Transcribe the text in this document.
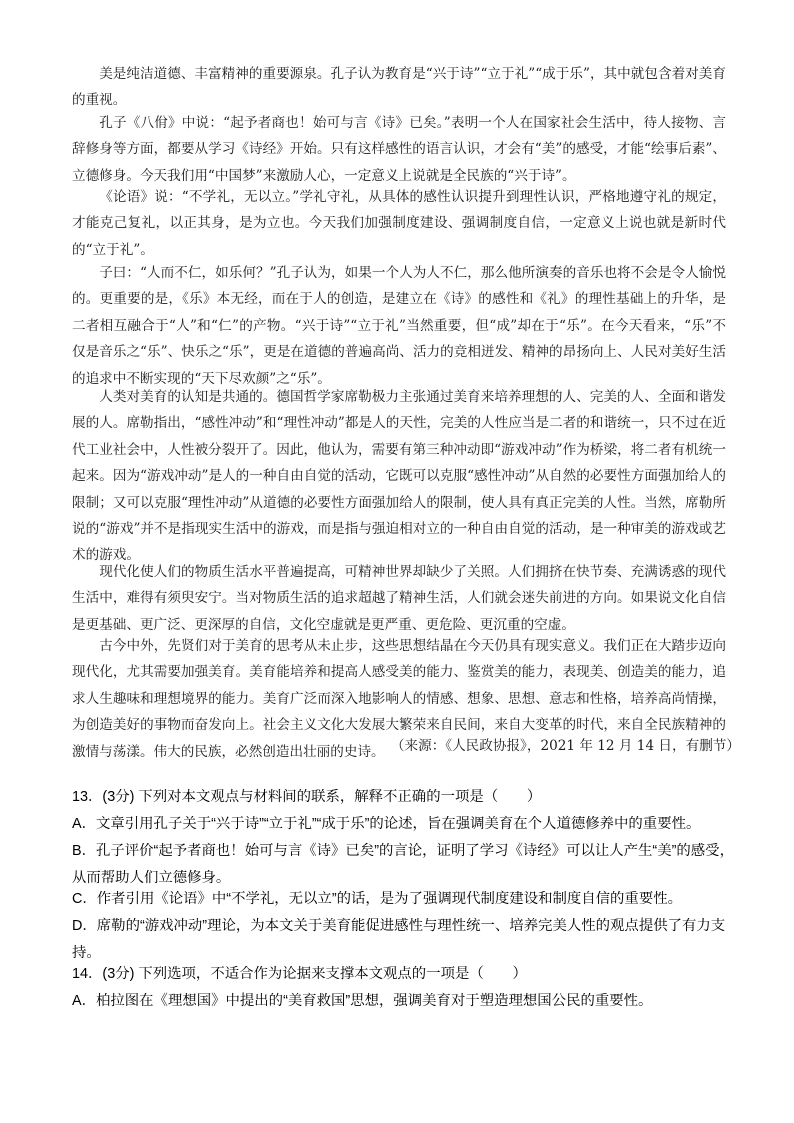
美是纯洁道德、丰富精神的重要源泉。孔子认为教育是“兴于诗”“立于礼”“成于乐”，其中就包含着对美育的重视。

孔子《八佾》中说：“起予者商也！始可与言《诗》已矣。”表明一个人在国家社会生活中，待人接物、言辞修身等方面，都要从学习《诗经》开始。只有这样感性的语言认识，才会有“美”的感受，才能“绘事后素”、立德修身。今天我们用“中国梦”来激励人心，一定意义上说就是全民族的“兴于诗”。

《论语》说：“不学礼，无以立。”学礼守礼，从具体的感性认识提升到理性认识，严格地遵守礼的规定，才能克己复礼，以正其身，是为立也。今天我们加强制度建设、强调制度自信，一定意义上说也就是新时代的“立于礼”。

子曰：“人而不仁，如乐何？”孔子认为，如果一个人为人不仁，那么他所演奏的音乐也将不会是令人愉悦的。更重要的是，《乐》本无经，而在于人的创造，是建立在《诗》的感性和《礼》的理性基础上的升华，是二者相互融合于“人”和“仁”的产物。“兴于诗”“立于礼”当然重要，但“成”却在于“乐”。在今天看来，“乐”不仅是音乐之“乐”、快乐之“乐”，更是在道德的普遍高尚、活力的竞相迸发、精神的昂扬向上、人民对美好生活的追求中不断实现的“天下尽欢颜”之“乐”。

人类对美育的认知是共通的。德国哲学家席勒极力主张通过美育来培养理想的人、完美的人、全面和谐发展的人。席勒指出，“感性冲动”和“理性冲动”都是人的天性，完美的人性应当是二者的和谐统一，只不过在近代工业社会中，人性被分裂开了。因此，他认为，需要有第三种冲动即“游戏冲动”作为桥梁，将二者有机统一起来。因为“游戏冲动”是人的一种自由自觉的活动，它既可以克服“感性冲动”从自然的必要性方面强加给人的限制；又可以克服“理性冲动”从道德的必要性方面强加给人的限制，使人具有真正完美的人性。当然，席勒所说的“游戏”并不是指现实生活中的游戏，而是指与强迫相对立的一种自由自觉的活动，是一种审美的游戏或艺术的游戏。

现代化使人们的物质生活水平普遍提高，可精神世界却缺少了关照。人们拥挤在快节奏、充满诱惑的现代生活中，难得有须臾安宁。当对物质生活的追求超越了精神生活，人们就会迷失前进的方向。如果说文化自信是更基础、更广泛、更深厚的自信，文化空虚就是更严重、更危险、更沉重的空虚。

古今中外，先贤们对于美育的思考从未止步，这些思想结晶在今天仍具有现实意义。我们正在大踏步迈向现代化，尤其需要加强美育。美育能培养和提高人感受美的能力、鉴赏美的能力，表现美、创造美的能力，追求人生趣味和理想境界的能力。美育广泛而深入地影响人的情感、想象、思想、意志和性格，培养高尚情操，为创造美好的事物而奋发向上。社会主义文化大发展大繁荣来自民间，来自大变革的时代，来自全民族精神的激情与荡漾。伟大的民族，必然创造出壮丽的史诗。 （来源：《人民政协报》，2021 年 12 月 14 日，有删节）
13．(3分) 下列对本文观点与材料间的联系，解释不正确的一项是（　　）
A．文章引用孔子关于“兴于诗”“立于礼”“成于乐”的论述，旨在强调美育在个人道德修养中的重要性。
B．孔子评价“起予者商也！始可与言《诗》已矣”的言论，证明了学习《诗经》可以让人产生“美”的感受，从而帮助人们立德修身。
C．作者引用《论语》中“不学礼，无以立”的话，是为了强调现代制度建设和制度自信的重要性。
D．席勒的“游戏冲动”理论，为本文关于美育能促进感性与理性统一、培养完美人性的观点提供了有力支持。
14．(3分) 下列选项，不适合作为论据来支撑本文观点的一项是（　　）
A．柏拉图在《理想国》中提出的“美育救国”思想，强调美育对于塑造理想国公民的重要性。
